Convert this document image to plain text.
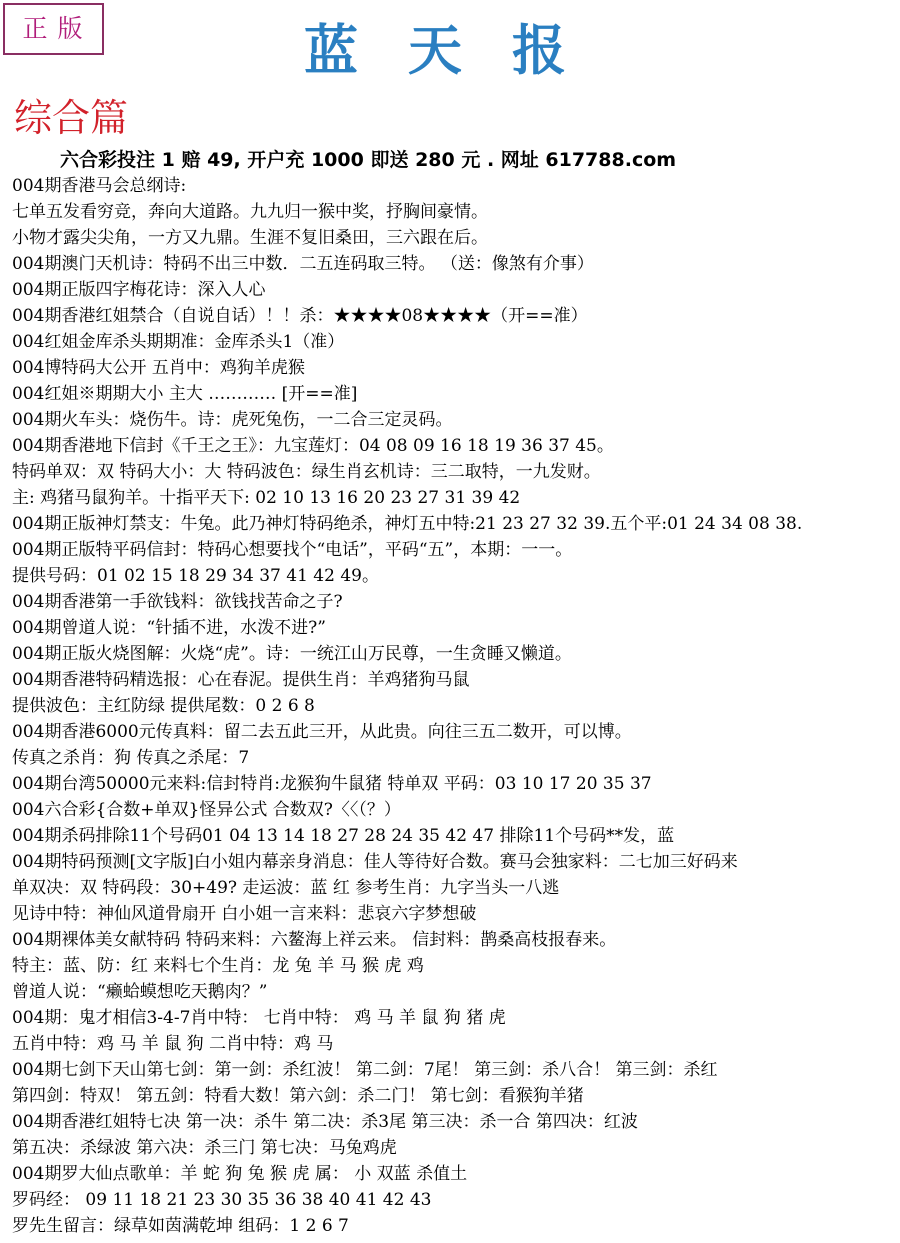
正版	蓝天报
综合篇
六合彩投注 1 赔 49, 开户充 1000 即送 280 元 . 网址 617788.com
004期香港马会总纲诗:
七单五发看穷竞，奔向大道路。九九归一猴中奖，抒胸间豪情。
小物才露尖尖角，一方又九鼎。生涯不复旧桑田，三六跟在后。
004期澳门天机诗：特码不出三中数．二五连码取三特。 （送：像煞有介事）
004期正版四字梅花诗：深入人心
004期香港红姐禁合（自说自话）！！杀：★★★★08★★★★（开==准）
004红姐金库杀头期期准：金库杀头1（准）
004博特码大公开 五肖中：鸡狗羊虎猴
004红姐※期期大小 主大 ………… [开==准]
004期火车头：烧伤牛。诗：虎死兔伤，一二合三定灵码。
004期香港地下信封《千王之王》：九宝莲灯：04 08 09 16 18 19 36 37 45。
特码单双：双 特码大小：大 特码波色：绿生肖玄机诗：三二取特，一九发财。
主: 鸡猪马鼠狗羊。十指平天下: 02 10 13 16 20 23 27 31 39 42
004期正版神灯禁支：牛兔。此乃神灯特码绝杀，神灯五中特:21 23 27 32 39.五个平:01 24 34 08 38.
004期正版特平码信封：特码心想要找个“电话”，平码“五”，本期：一一。
提供号码：01 02 15 18 29 34 37 41 42 49。
004期香港第一手欲钱料：欲钱找苦命之子?
004期曾道人说：“针插不进，水泼不进?”
004期正版火烧图解：火烧“虎”。诗：一统江山万民尊，一生贪睡又懒道。
004期香港特码精选报：心在春泥。提供生肖：羊鸡猪狗马鼠
提供波色：主红防绿 提供尾数：0 2 6 8
004期香港6000元传真料：留二去五此三开，从此贵。向往三五二数开，可以博。
传真之杀肖：狗 传真之杀尾：7
004期台湾50000元来料:信封特肖:龙猴狗牛鼠猪 特单双 平码：03 10 17 20 35 37
004六合彩{合数+单双}怪异公式 合数双?〈〈（？）
004期杀码排除11个号码01 04 13 14 18 27 28 24 35 42 47 排除11个号码**发，蓝
004期特码预测[文字版]白小姐内幕亲身消息：佳人等待好合数。赛马会独家料：二七加三好码来
单双决：双 特码段：30+49? 走运波：蓝 红 参考生肖：九字当头一八逃
见诗中特：神仙风道骨扇开 白小姐一言来料：悲哀六字梦想破
004期裸体美女献特码 特码来料：六鳌海上祥云来。 信封料：鹊桑高枝报春来。
特主：蓝、防：红 来料七个生肖：龙 兔 羊 马 猴 虎 鸡
曾道人说：“癞蛤蟆想吃天鹅肉？”
004期：鬼才相信3-4-7肖中特： 七肖中特： 鸡 马 羊 鼠 狗 猪 虎
五肖中特：鸡 马 羊 鼠 狗 二肖中特：鸡 马
004期七剑下天山第七剑：第一剑：杀红波！ 第二剑：7尾！ 第三剑：杀八合！ 第三剑：杀红
第四剑：特双！ 第五剑：特看大数！第六剑：杀二门！ 第七剑：看猴狗羊猪
004期香港红姐特七决 第一决：杀牛 第二决：杀3尾 第三决：杀一合 第四决：红波
第五决：杀绿波 第六决：杀三门 第七决：马兔鸡虎
004期罗大仙点歌单：羊 蛇 狗 兔 猴 虎 属： 小 双蓝 杀值土
罗码经： 09 11 18 21 23 30 35 36 38 40 41 42 43
罗先生留言：绿草如茵满乾坤 组码：1 2 6 7
